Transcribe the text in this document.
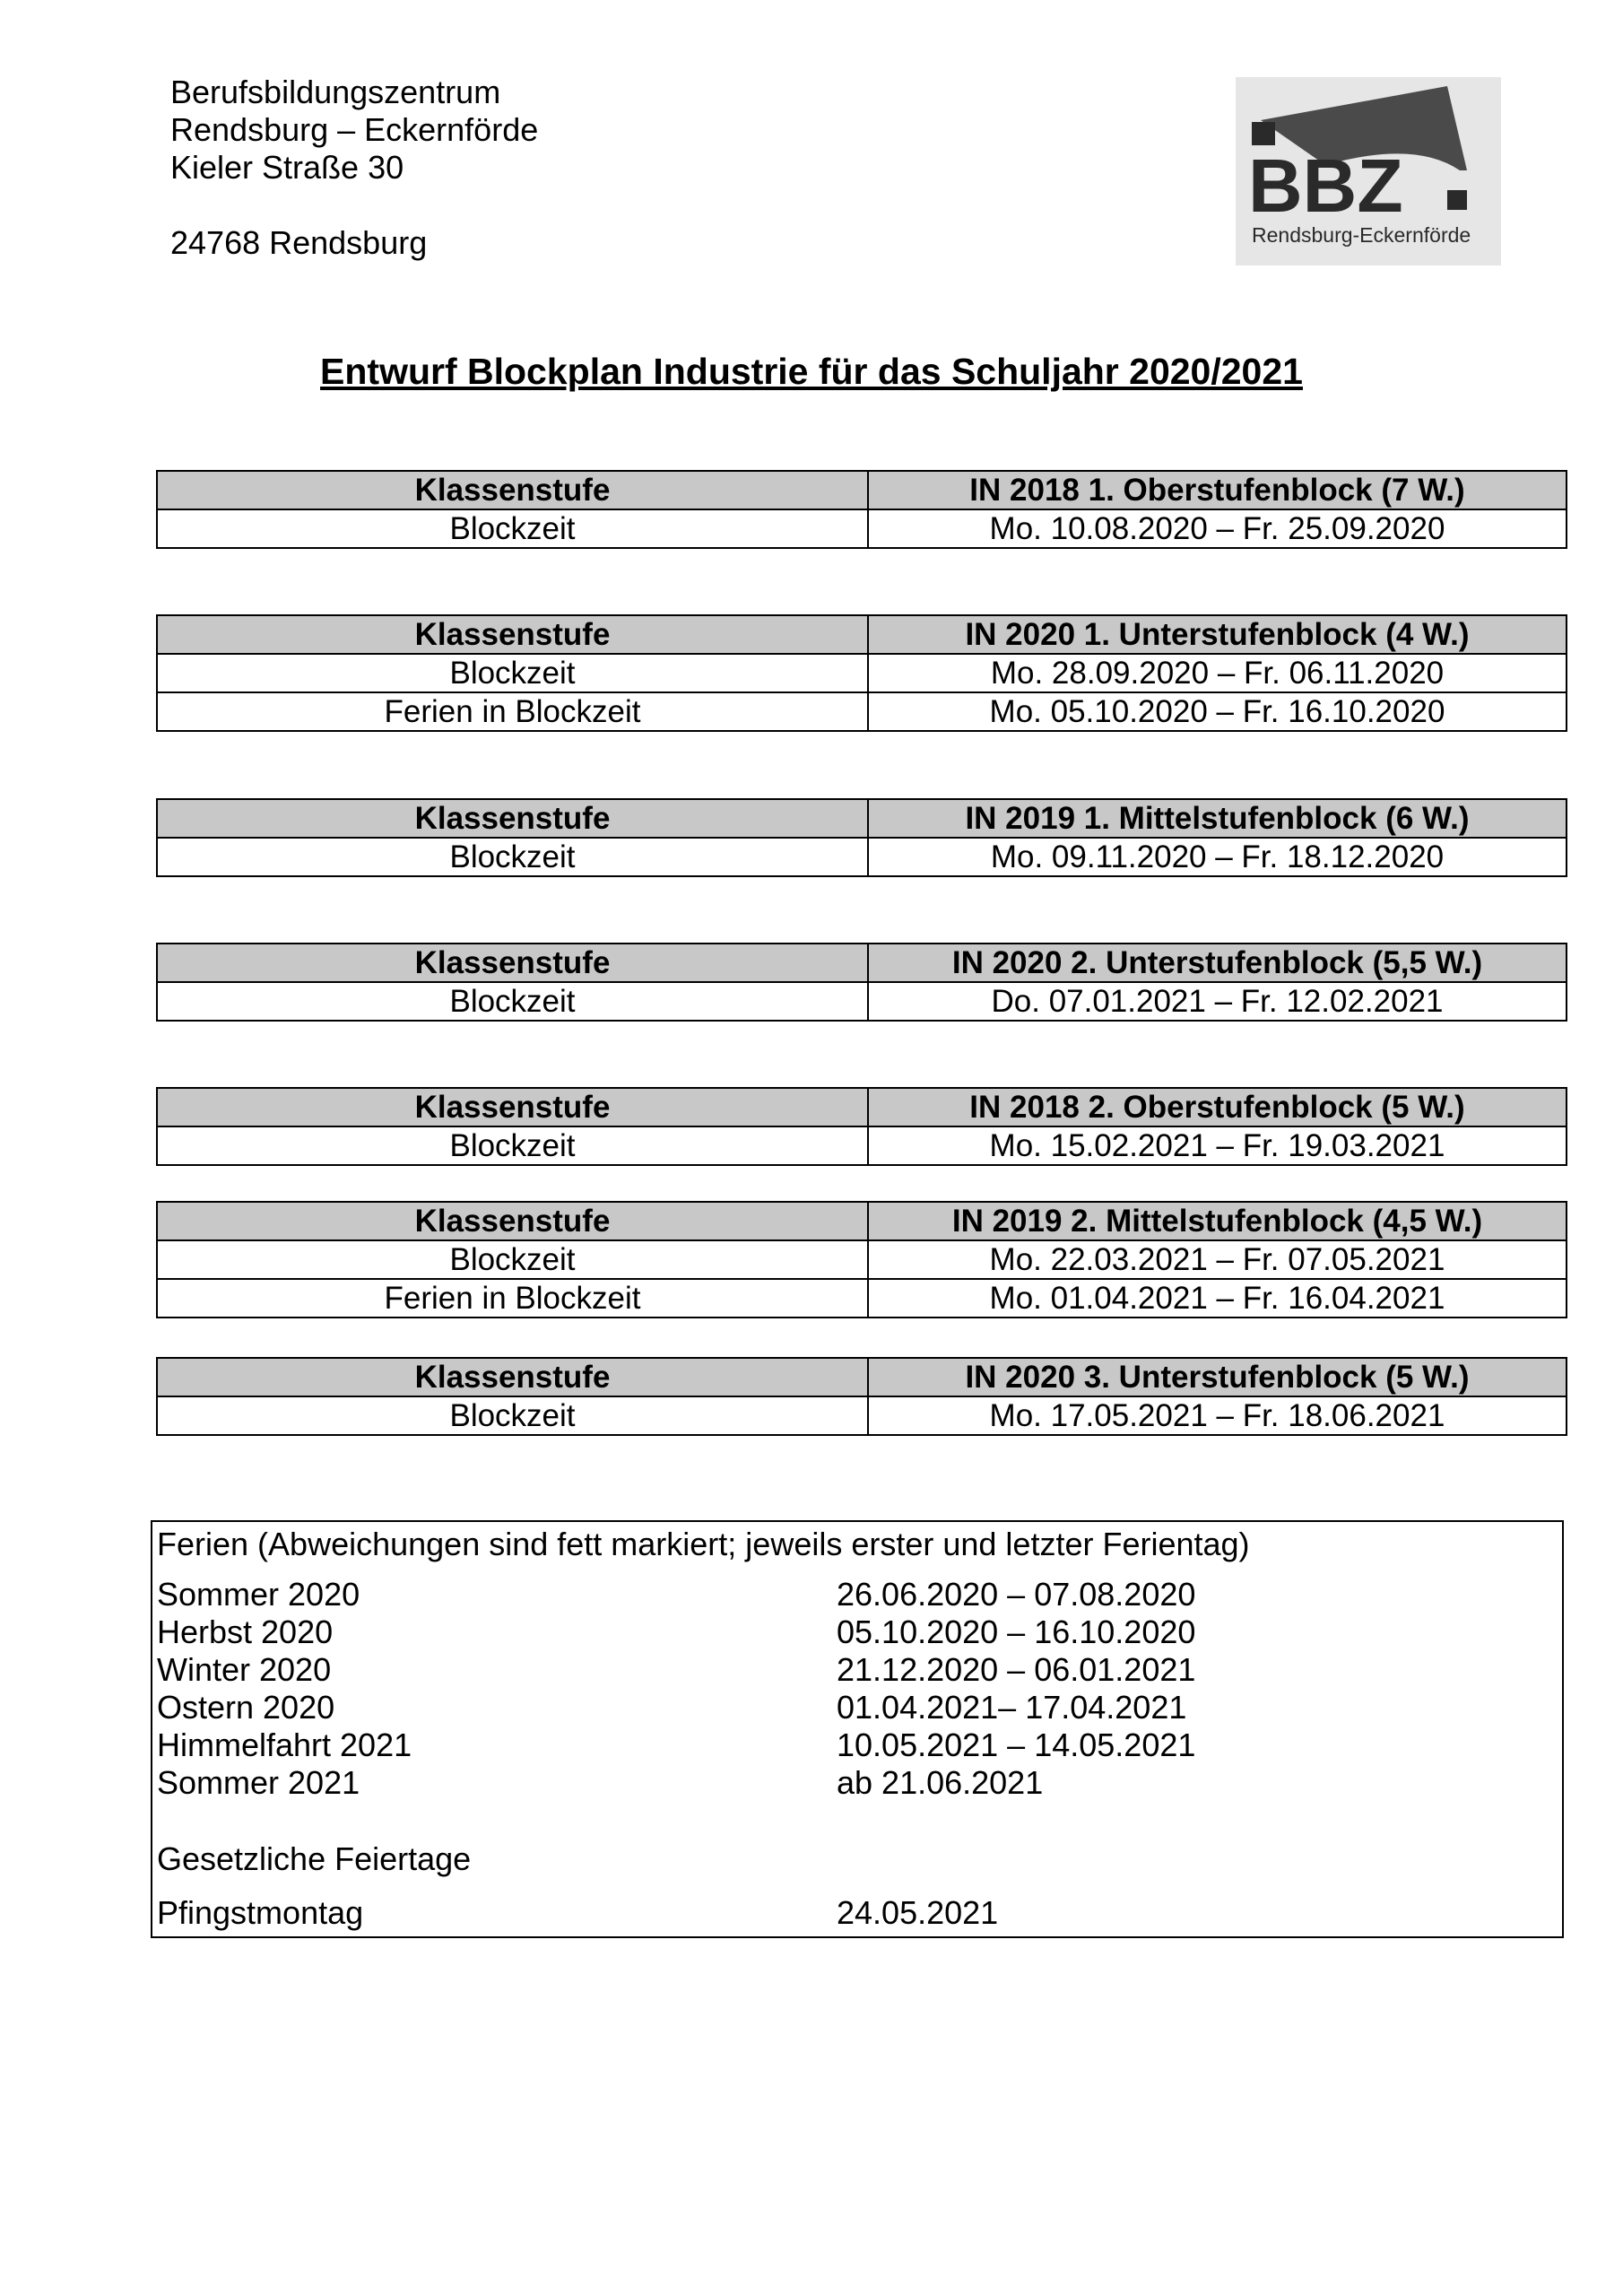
Berufsbildungszentrum
Rendsburg – Eckernförde
Kieler Straße 30
24768 Rendsburg
BBZ
Rendsburg-Eckernförde
Entwurf Blockplan Industrie für das Schuljahr 2020/2021
Klassenstufe	IN 2018 1. Oberstufenblock (7 W.)
Blockzeit	Mo. 10.08.2020 – Fr. 25.09.2020
Klassenstufe	IN 2020 1. Unterstufenblock (4 W.)
Blockzeit	Mo. 28.09.2020 – Fr. 06.11.2020
Ferien in Blockzeit	Mo. 05.10.2020 – Fr. 16.10.2020
Klassenstufe	IN 2019 1. Mittelstufenblock (6 W.)
Blockzeit	Mo. 09.11.2020 – Fr. 18.12.2020
Klassenstufe	IN 2020 2. Unterstufenblock (5,5 W.)
Blockzeit	Do. 07.01.2021 – Fr. 12.02.2021
Klassenstufe	IN 2018 2. Oberstufenblock (5 W.)
Blockzeit	Mo. 15.02.2021 – Fr. 19.03.2021
Klassenstufe	IN 2019 2. Mittelstufenblock (4,5 W.)
Blockzeit	Mo. 22.03.2021 – Fr. 07.05.2021
Ferien in Blockzeit	Mo. 01.04.2021 – Fr. 16.04.2021
Klassenstufe	IN 2020 3. Unterstufenblock (5 W.)
Blockzeit	Mo. 17.05.2021 – Fr. 18.06.2021
Ferien (Abweichungen sind fett markiert; jeweils erster und letzter Ferientag)
Sommer 2020	26.06.2020 – 07.08.2020
Herbst 2020	05.10.2020 – 16.10.2020
Winter 2020	21.12.2020 – 06.01.2021
Ostern 2020	01.04.2021– 17.04.2021
Himmelfahrt 2021	10.05.2021 – 14.05.2021
Sommer 2021	ab 21.06.2021
Gesetzliche Feiertage
Pfingstmontag	24.05.2021
